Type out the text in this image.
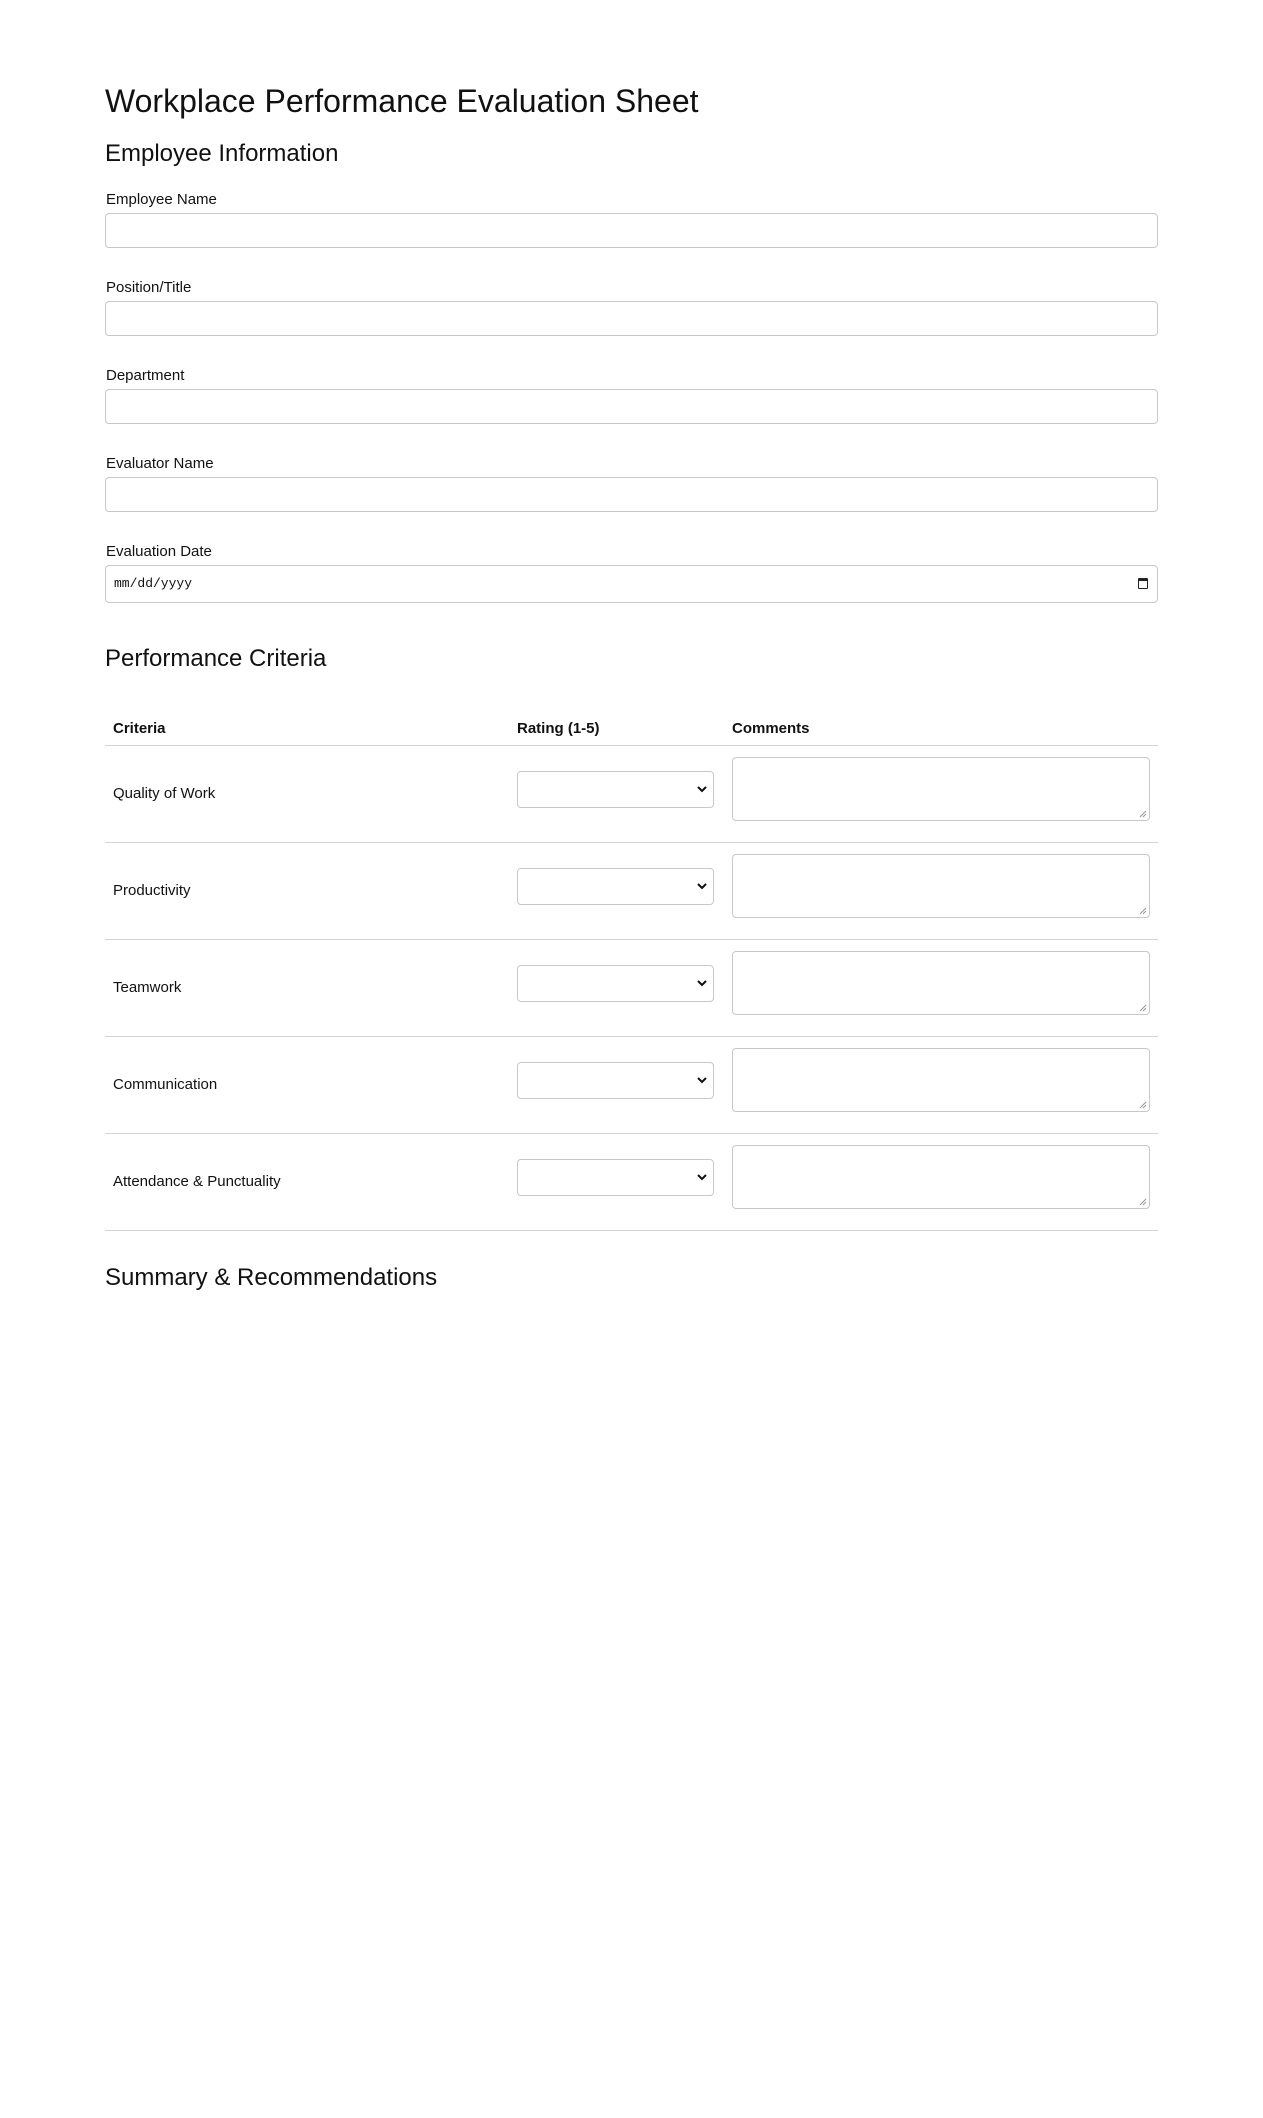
Workplace Performance Evaluation Sheet
Employee Information
Employee Name
Position/Title
Department
Evaluator Name
Evaluation Date
mm/dd/yyyy
Performance Criteria
Criteria	Rating (1-5)	Comments
Quality of Work
Productivity
Teamwork
Communication
Attendance & Punctuality
Summary & Recommendations
